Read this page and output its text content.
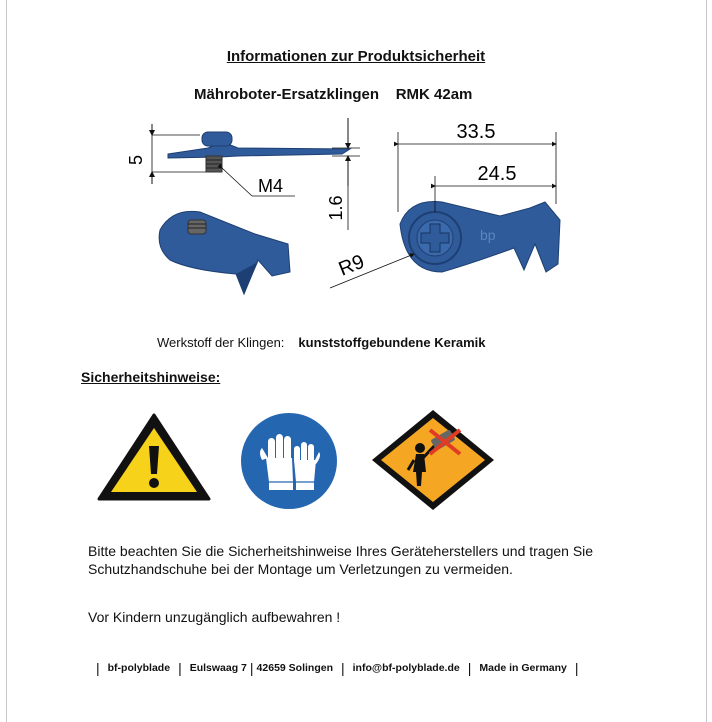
Informationen zur Produktsicherheit
Mähroboter-Ersatzklingen    RMK 42am
5
M4
1.6
bp
33.5
24.5
R9
Werkstoff der Klingen: kunststoffgebundene Keramik
Sicherheitshinweise:
Bitte beachten Sie die Sicherheitshinweise Ihres Geräteherstellers und tragen Sie Schutzhandschuhe bei der Montage um Verletzungen zu vermeiden.
Vor Kindern unzugänglich aufbewahren !
| bf-polyblade | Eulswaag 7 | 42659 Solingen | info@bf-polyblade.de | Made in Germany |
